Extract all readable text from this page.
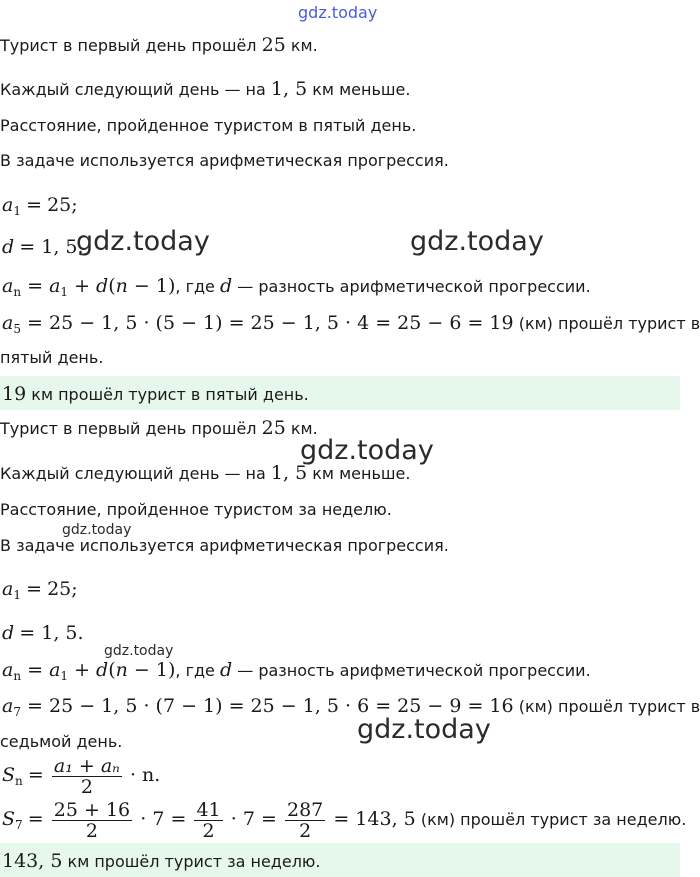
gdz.today
gdz.today	gdz.today
gdz.today
gdz.today
gdz.today
gdz.today
Турист в первый день прошёл 25 км.
Каждый следующий день — на 1, 5 км меньше.
Расстояние, пройденное туристом в пятый день.
В задаче используется арифметическая прогрессия.
$a_1 = 25$;
d = 1, 5.
$a_n = a_1 + d(n - 1)$, где d — разность арифметической прогрессии.
$a_5 = 25 - 1$, 5 · (5 − 1) = 25 − 1, 5 · 4 = 25 − 6 = 19 (км) прошёл турист в
пятый день.
19 км прошёл турист в пятый день.
Турист в первый день прошёл 25 км.
Каждый следующий день — на 1, 5 км меньше.
Расстояние, пройденное туристом за неделю.
В задаче используется арифметическая прогрессия.
$a_1 = 25$;
d = 1, 5.
$a_n = a_1 + d(n - 1)$, где d — разность арифметической прогрессии.
$a_7 = 25 - 1$, 5 · (7 − 1) = 25 − 1, 5 · 6 = 25 − 9 = 16 (км) прошёл турист в
седьмой день.
$S_n = \frac{\text{a₁ + aₙ}}{2} \cdot n$.
$S_7 = \frac{25 + 16}{2} \cdot 7 = \frac{41}{2} \cdot 7 = \frac{287}{2} = 143$, 5 (км) прошёл турист за неделю.
143, 5 км прошёл турист за неделю.
